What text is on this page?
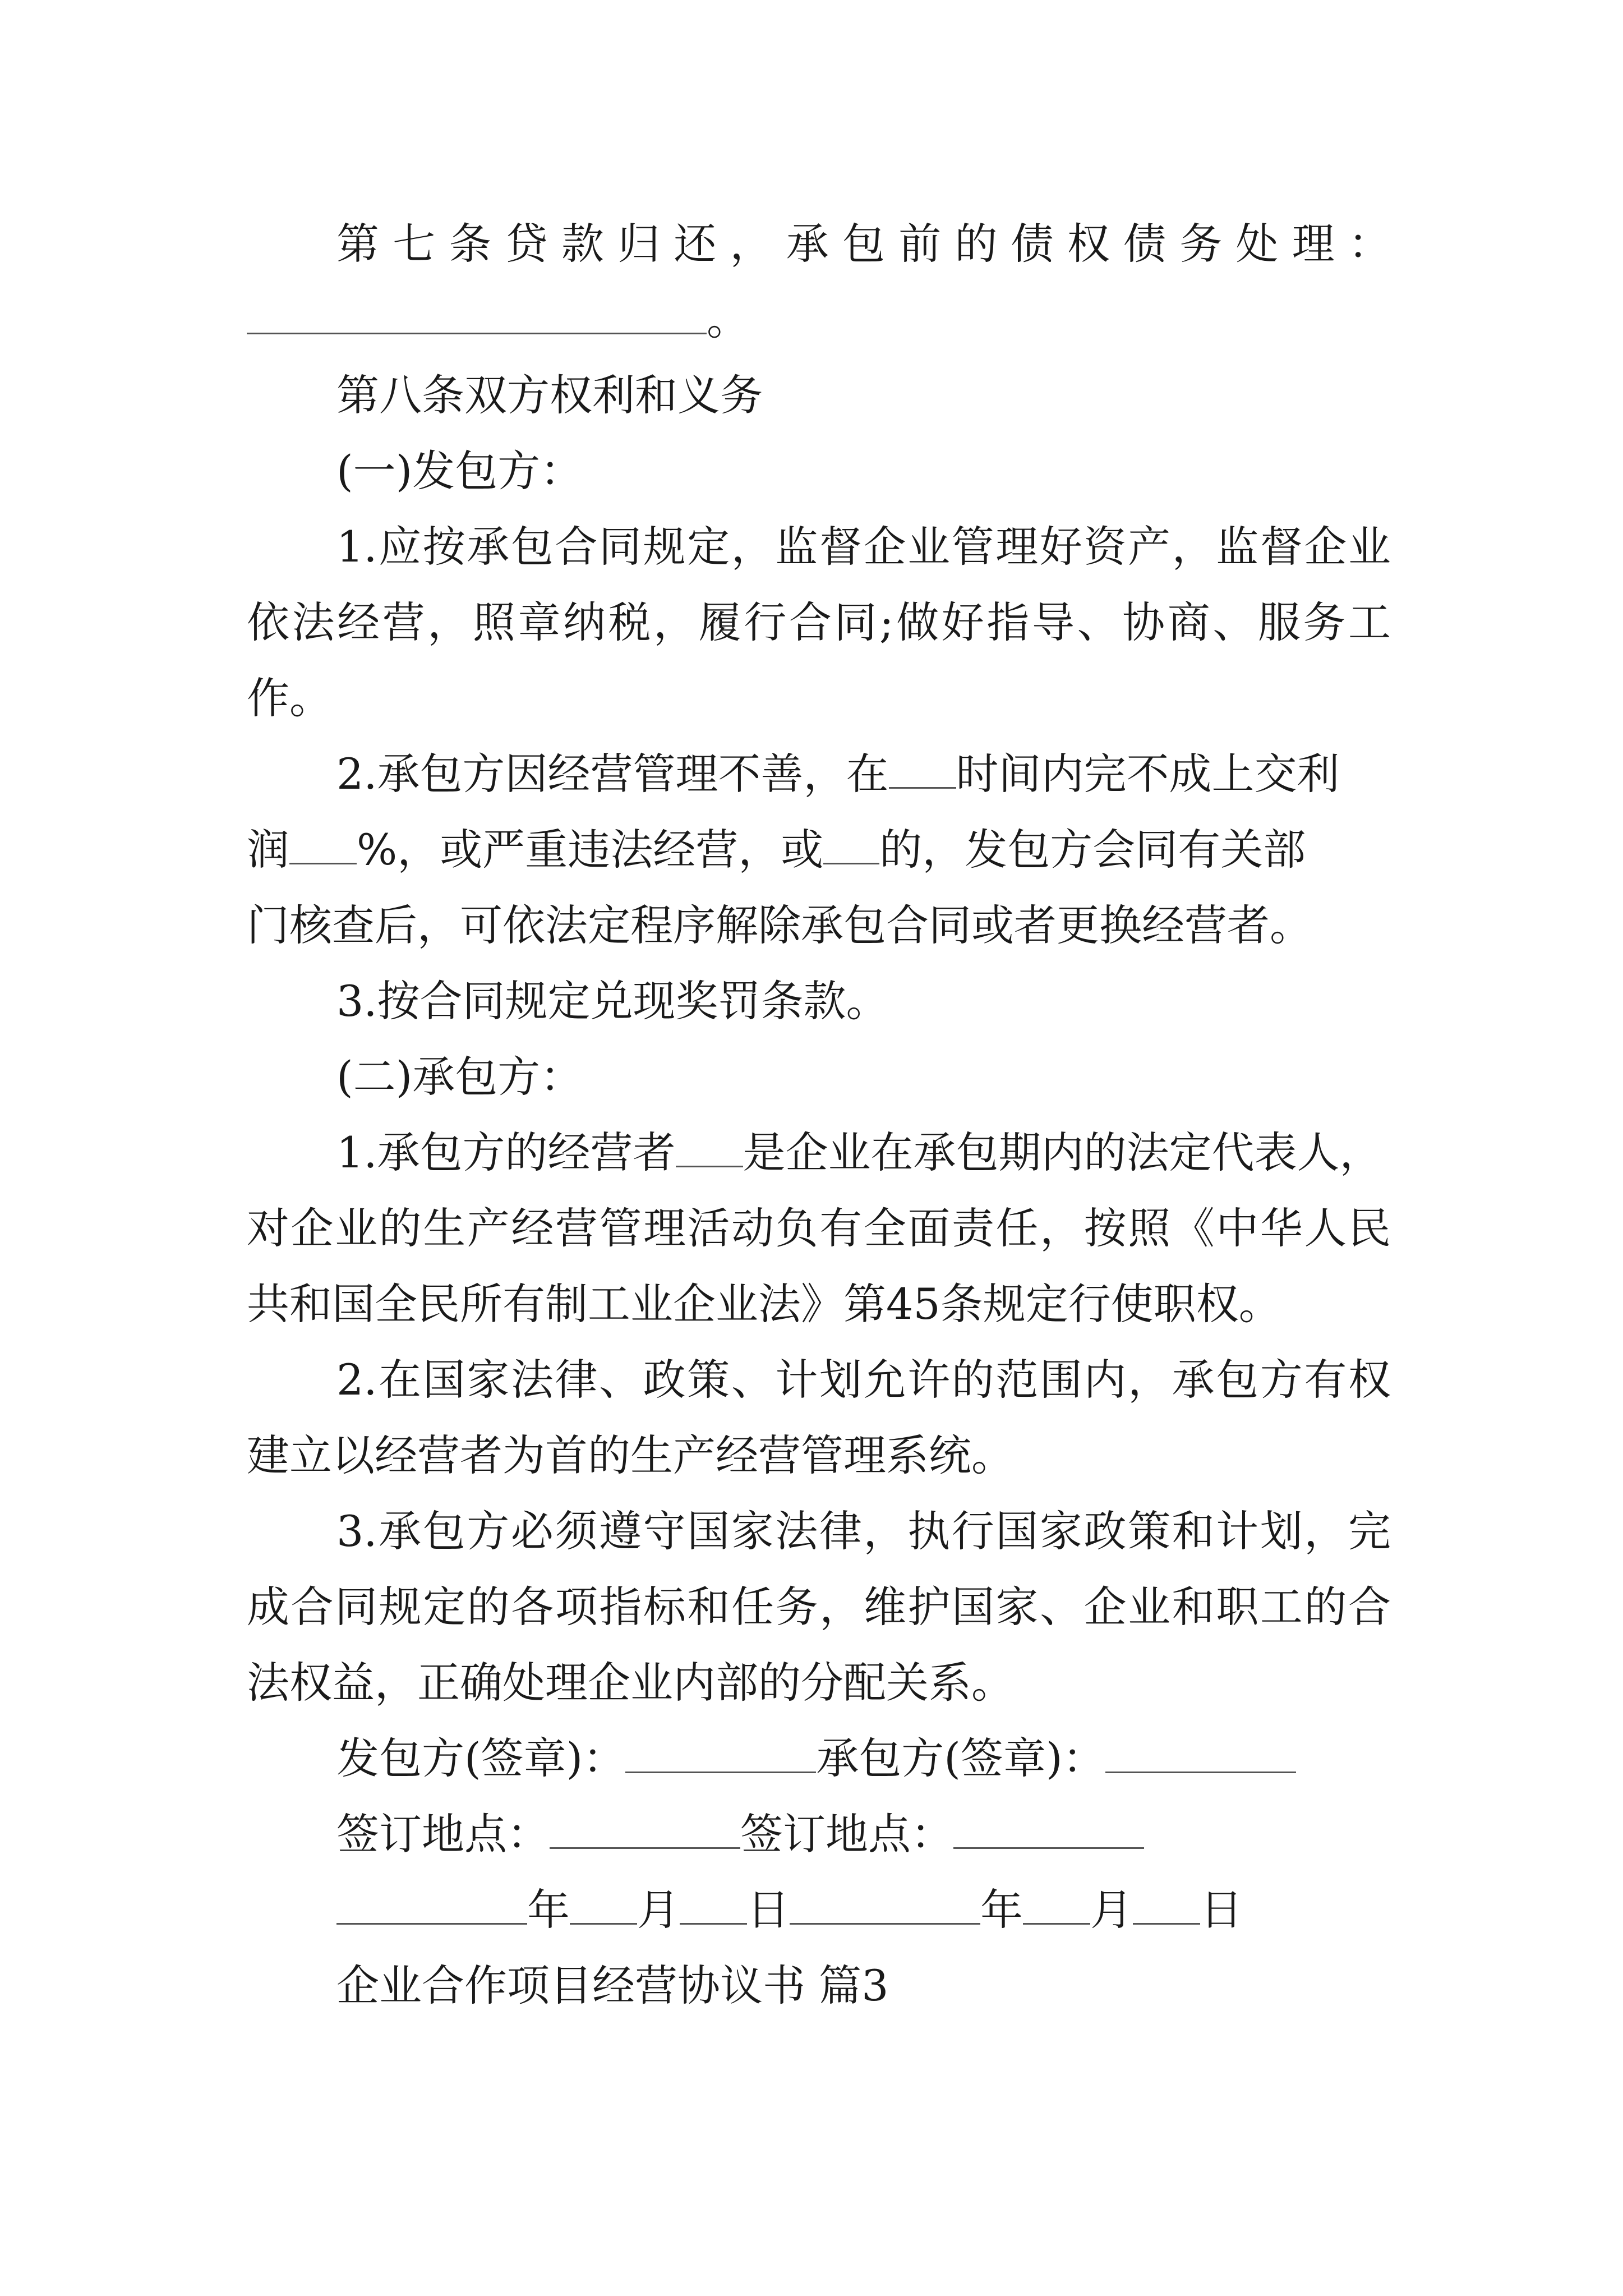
第七条贷款归还，承包前的债权债务处理：
。
第八条双方权利和义务
(一)发包方：
1.应按承包合同规定，监督企业管理好资产，监督企业
依法经营，照章纳税，履行合同;做好指导、协商、服务工
作。
2.承包方因经营管理不善，在 时间内完不成上交利
润 %，或严重违法经营，或 的，发包方会同有关部
门核查后，可依法定程序解除承包合同或者更换经营者。
3.按合同规定兑现奖罚条款。
(二)承包方：
1.承包方的经营者 是企业在承包期内的法定代表人，
对企业的生产经营管理活动负有全面责任，按照《中华人民
共和国全民所有制工业企业法》第45条规定行使职权。
2.在国家法律、政策、计划允许的范围内，承包方有权
建立以经营者为首的生产经营管理系统。
3.承包方必须遵守国家法律，执行国家政策和计划，完
成合同规定的各项指标和任务，维护国家、企业和职工的合
法权益，正确处理企业内部的分配关系。
发包方(签章)：	承包方(签章)：
签订地点：	签订地点：
年 月 日	年 月 日
企业合作项目经营协议书 篇3
